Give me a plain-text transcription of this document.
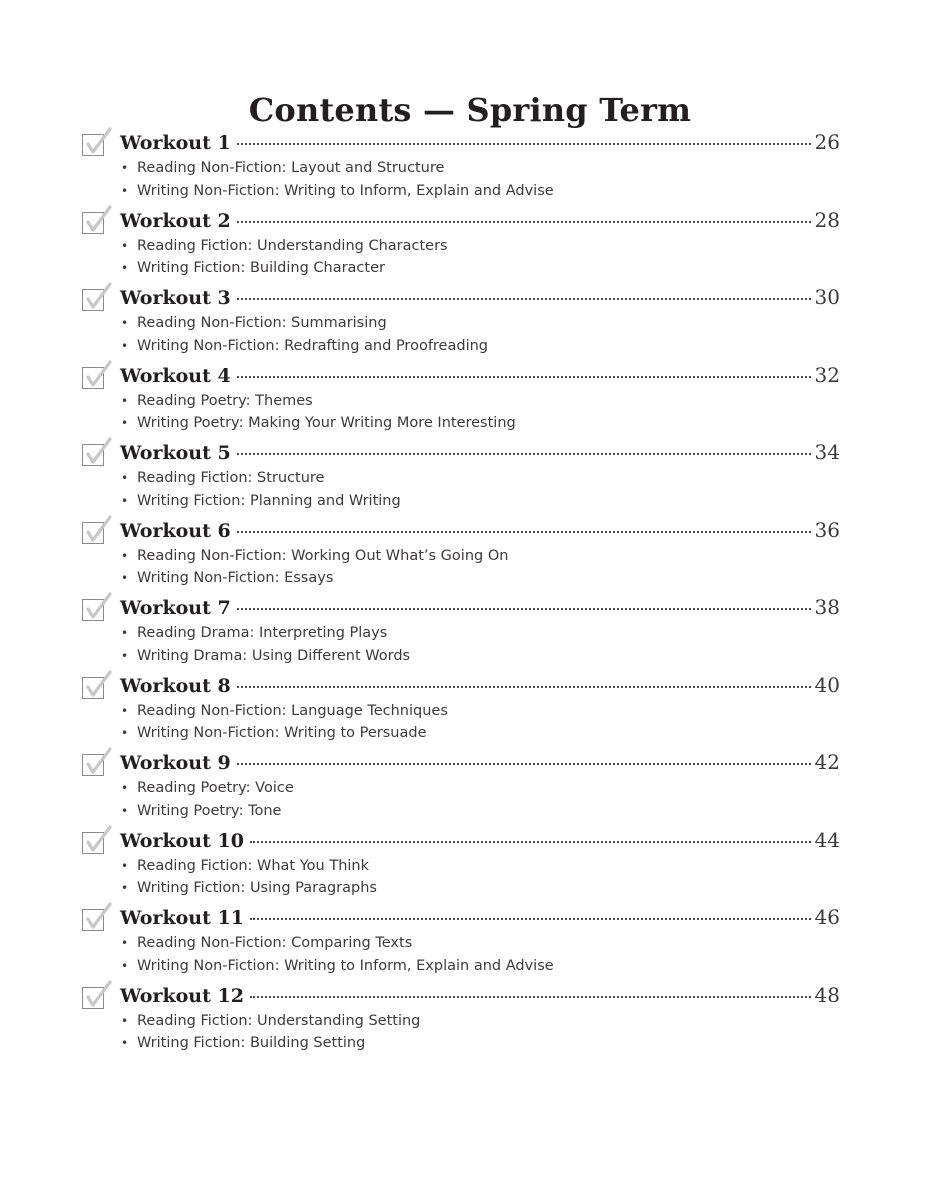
Contents — Spring Term
Workout 1	26
• Reading Non-Fiction: Layout and Structure
• Writing Non-Fiction: Writing to Inform, Explain and Advise
Workout 2	28
• Reading Fiction: Understanding Characters
• Writing Fiction: Building Character
Workout 3	30
• Reading Non-Fiction: Summarising
• Writing Non-Fiction: Redrafting and Proofreading
Workout 4	32
• Reading Poetry: Themes
• Writing Poetry: Making Your Writing More Interesting
Workout 5	34
• Reading Fiction: Structure
• Writing Fiction: Planning and Writing
Workout 6	36
• Reading Non-Fiction: Working Out What’s Going On
• Writing Non-Fiction: Essays
Workout 7	38
• Reading Drama: Interpreting Plays
• Writing Drama: Using Different Words
Workout 8	40
• Reading Non-Fiction: Language Techniques
• Writing Non-Fiction: Writing to Persuade
Workout 9	42
• Reading Poetry: Voice
• Writing Poetry: Tone
Workout 10	44
• Reading Fiction: What You Think
• Writing Fiction: Using Paragraphs
Workout 11	46
• Reading Non-Fiction: Comparing Texts
• Writing Non-Fiction: Writing to Inform, Explain and Advise
Workout 12	48
• Reading Fiction: Understanding Setting
• Writing Fiction: Building Setting
